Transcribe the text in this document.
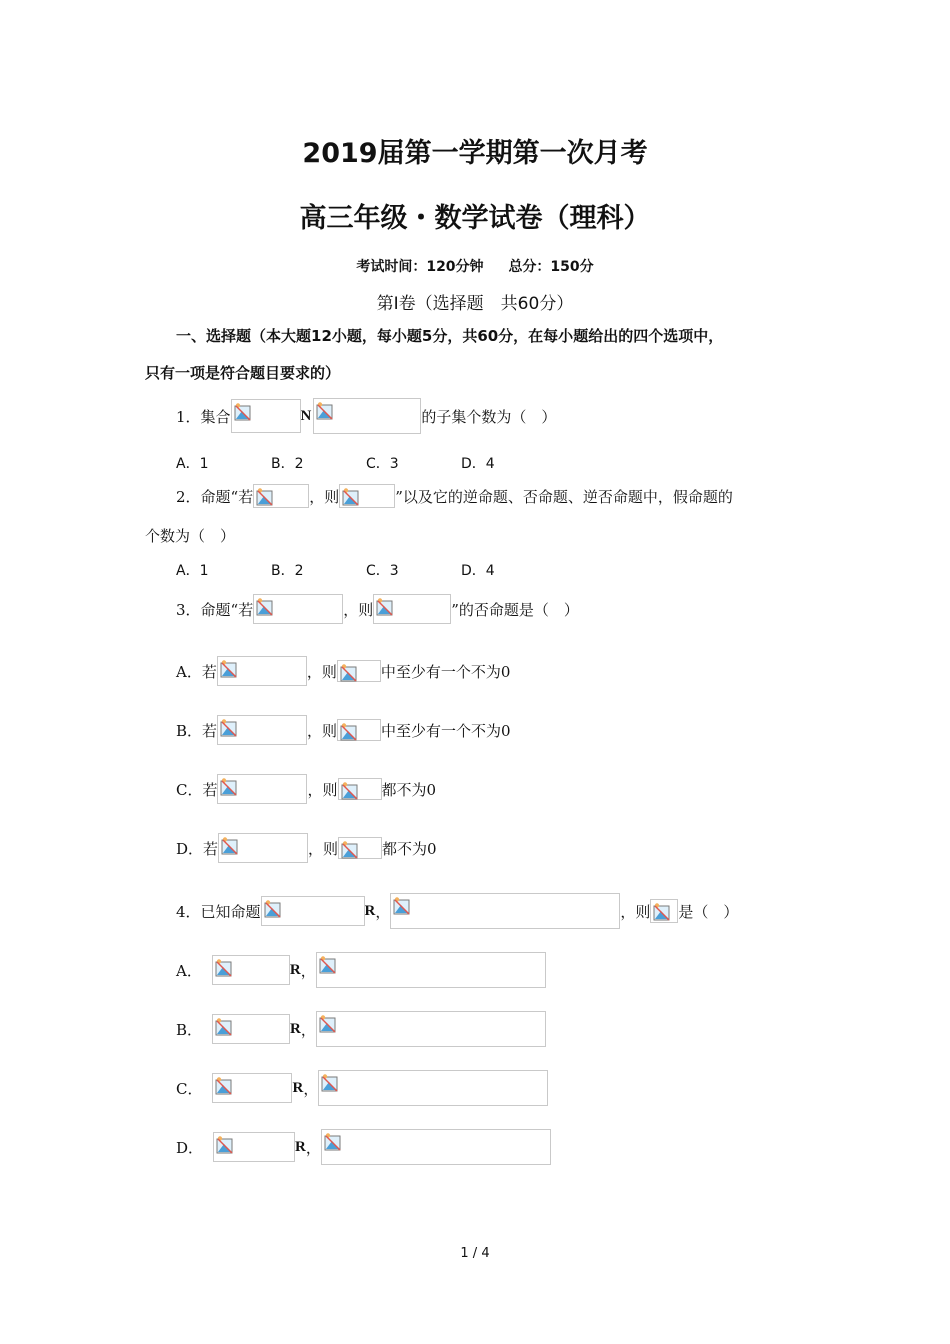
2019届第一学期第一次月考
高三年级・数学试卷（理科）
考试时间：120分钟 总分：150分
第Ⅰ卷（选择题　共60分）
一、选择题（本大题12小题，每小题5分，共60分，在每小题给出的四个选项中，
只有一项是符合题目要求的）
1．集合	N	的子集个数为（　）
A．1	B．2	C．3	D．4
2．命题“若	，则	”以及它的逆命题、否命题、逆否命题中，假命题的
个数为（　）
A．1	B．2	C．3	D．4
3．命题“若	，则	”的否命题是（　）
A．若	，则	中至少有一个不为0
B．若	，则	中至少有一个不为0
C．若	，则	都不为0
D．若	，则	都不为0
4．已知命题	R ，	，则 是（　）
A．	R ，
B．	R ，
C．	R ，
D．	R ，
1 / 4
